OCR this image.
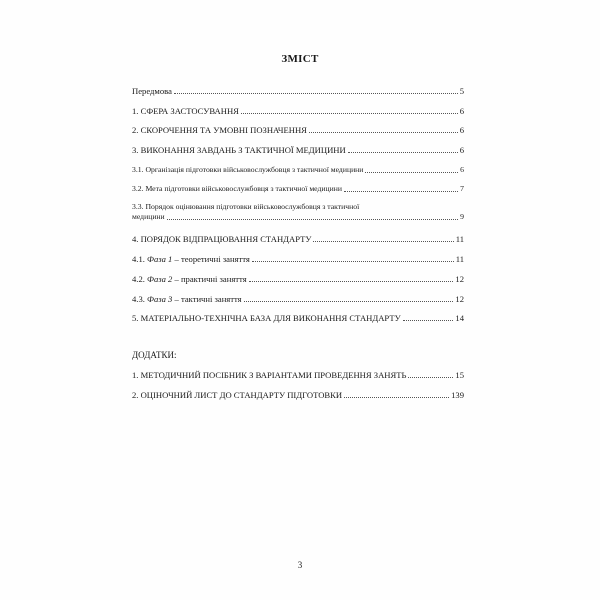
ЗМІСТ
Передмова	5
1. СФЕРА ЗАСТОСУВАННЯ	6
2. СКОРОЧЕННЯ ТА УМОВНІ ПОЗНАЧЕННЯ	6
3. ВИКОНАННЯ ЗАВДАНЬ З ТАКТИЧНОЇ МЕДИЦИНИ	6
3.1. Організація підготовки військовослужбовця з тактичної медицини	6
3.2. Мета підготовки військовослужбовця з тактичної медицини	7
3.3. Порядок оцінювання підготовки військовослужбовця з тактичної
медицини	9
4. ПОРЯДОК ВІДПРАЦЮВАННЯ СТАНДАРТУ	11
4.1. Фаза 1 – теоретичні заняття	11
4.2. Фаза 2 – практичні заняття	12
4.3. Фаза 3 – тактичні заняття	12
5. МАТЕРІАЛЬНО-ТЕХНІЧНА БАЗА ДЛЯ ВИКОНАННЯ СТАНДАРТУ	14
ДОДАТКИ:
1. МЕТОДИЧНИЙ ПОСІБНИК З ВАРІАНТАМИ ПРОВЕДЕННЯ ЗАНЯТЬ	15
2. ОЦІНОЧНИЙ ЛИСТ ДО СТАНДАРТУ ПІДГОТОВКИ	139
3
